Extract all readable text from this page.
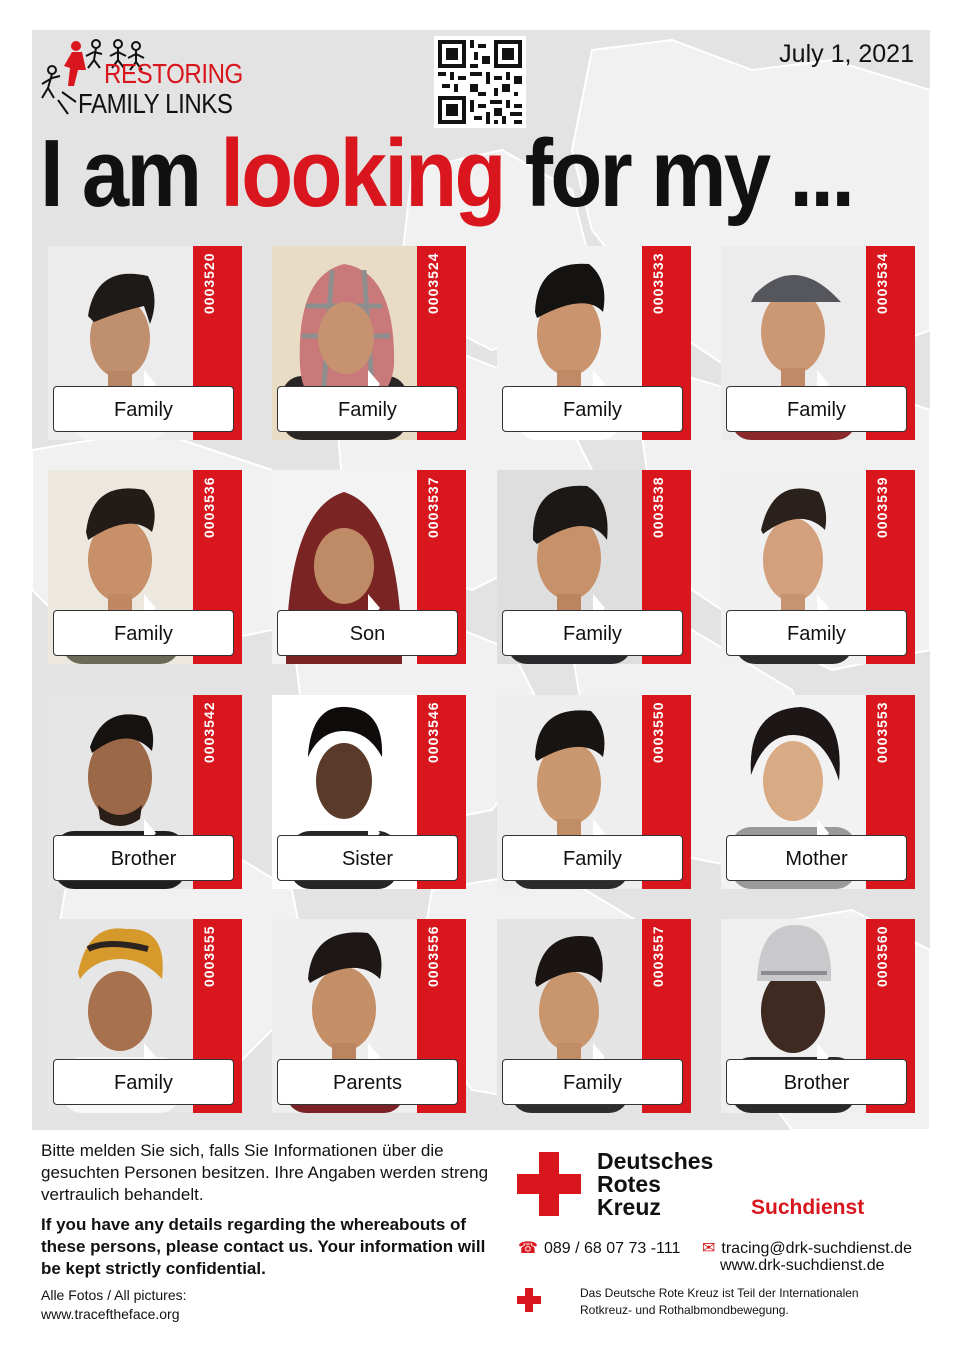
RESTORING
FAMILY LINKS
July 1, 2021
I am looking for my ...
0003520
Family
0003524
Family
0003533
Family
0003534
Family
0003536
Family
0003537
Son
0003538
Family
0003539
Family
0003542
Brother
0003546
Sister
0003550
Family
0003553
Mother
0003555
Family
0003556
Parents
0003557
Family
0003560
Brother
Bitte melden Sie sich, falls Sie Informationen über die gesuchten Personen besitzen. Ihre Angaben werden streng vertraulich behandelt.
If you have any details regarding the whereabouts of these persons, please contact us. Your information will be kept strictly confidential.
Alle Fotos / All pictures:
www.traceftheface.org
Deutsches
Rotes
Kreuz	Suchdienst
☎ 089 / 68 07 73 -111 ✉ tracing@drk-suchdienst.de
www.drk-suchdienst.de
Das Deutsche Rote Kreuz ist Teil der Internationalen
Rotkreuz- und Rothalbmondbewegung.
